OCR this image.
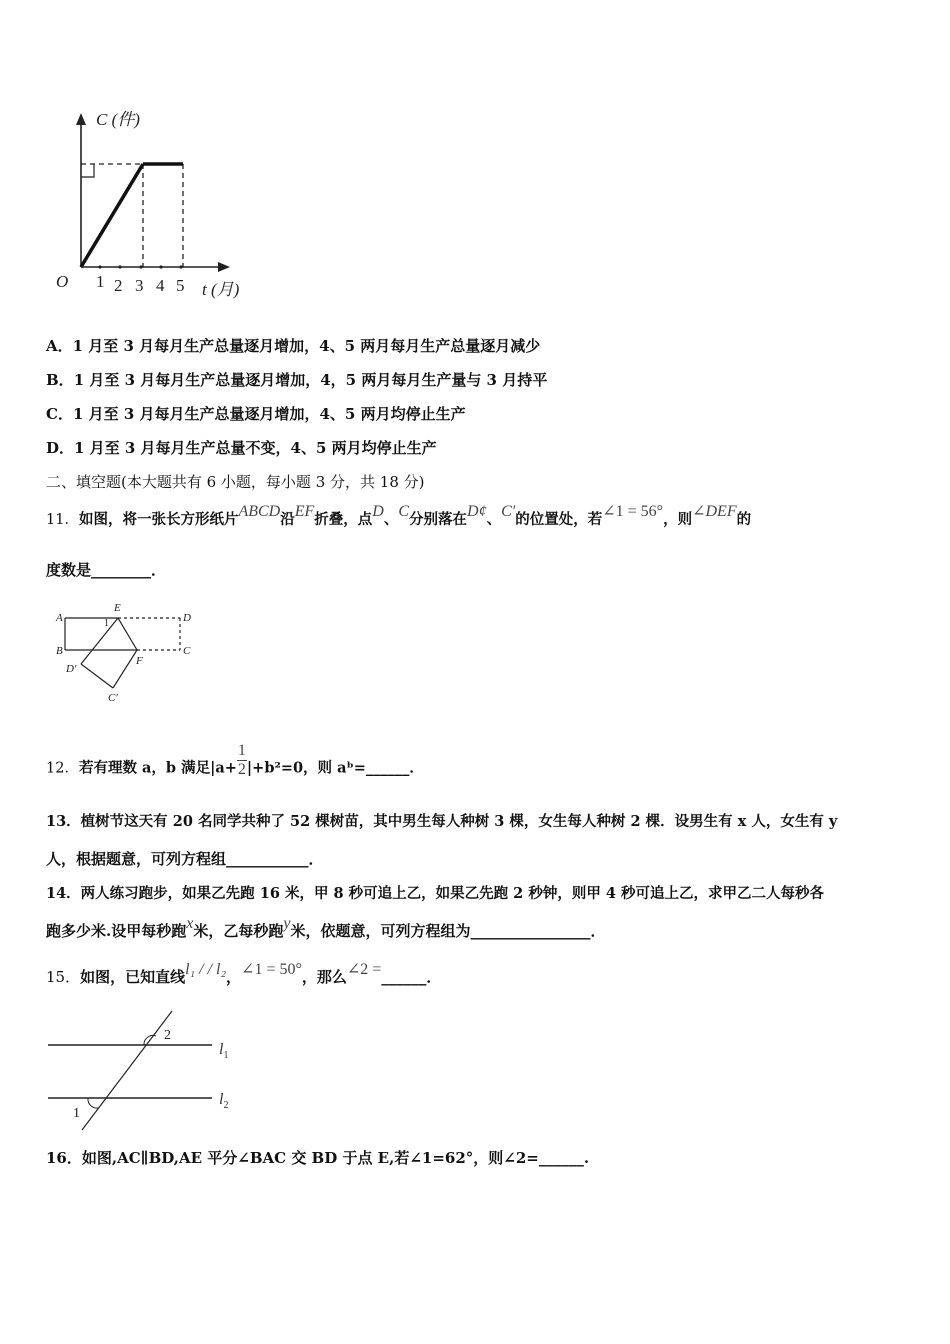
C (件)
t (月)
O 1 2 3 4 5
A．1 月至 3 月每月生产总量逐月增加，4、5 两月每月生产总量逐月减少
B．1 月至 3 月每月生产总量逐月增加，4，5 两月每月生产量与 3 月持平
C．1 月至 3 月每月生产总量逐月增加，4、5 两月均停止生产
D．1 月至 3 月每月生产总量不变，4、5 两月均停止生产
二、填空题(本大题共有 6 小题，每小题 3 分，共 18 分)
11．如图，将一张长方形纸片ABCD沿EF折叠，点D、C分别落在D¢、C′的位置处，若∠1 = 56°，则∠DEF的
度数是________．
A
B
E
D
C
F
D′
C′
1
12．若有理数 a，b 满足$|a+ \frac{1}{2} |+b^2=0$，则 aᵇ=______．
13．植树节这天有 20 名同学共种了 52 棵树苗，其中男生每人种树 3 棵，女生每人种树 2 棵．设男生有 x 人，女生有 y
人，根据题意，可列方程组___________．
14．两人练习跑步，如果乙先跑 16 米，甲 8 秒可追上乙，如果乙先跑 2 秒钟，则甲 4 秒可追上乙，求甲乙二人每秒各
跑多少米.设甲每秒跑x米，乙每秒跑y米，依题意，可列方程组为________________．
15．如图，已知直线l₁ / / l₂，∠1 = 50°，那么∠2 =______．
2
1
$l_1$
$l_2$
16．如图,AC∥BD,AE 平分∠BAC 交 BD 于点 E,若∠1=62°，则∠2=______.
